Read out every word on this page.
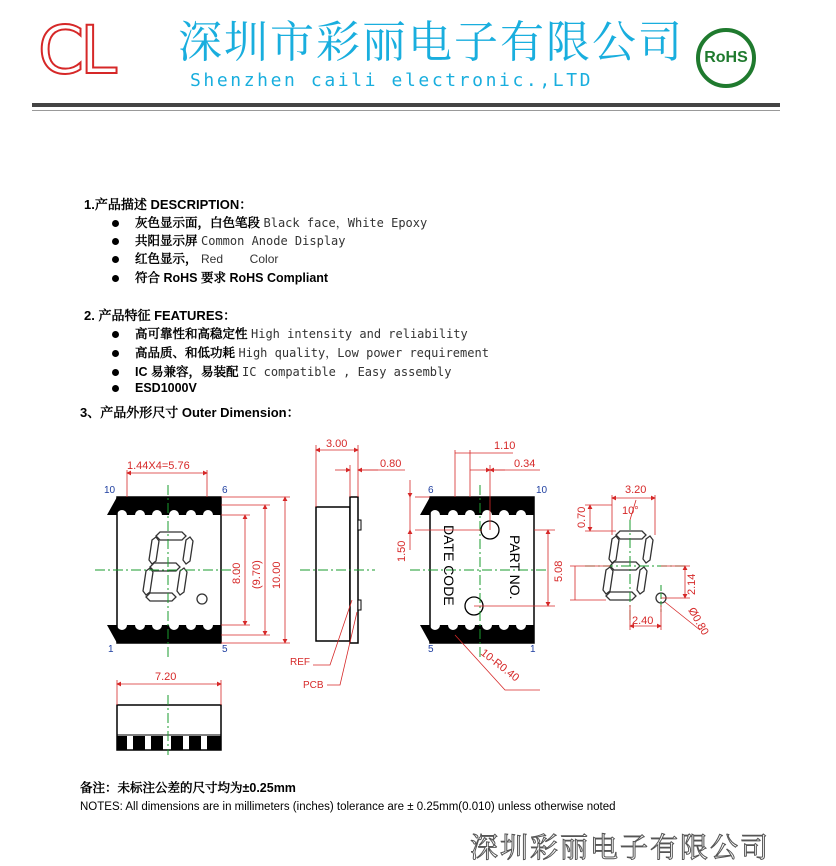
CL 深圳市彩丽电子有限公司
Shenzhen caili electronic.,LTD
RoHS
1.产品描述 DESCRIPTION：
灰色显示面，白色笔段 Black face，White Epoxy
共阳显示屏 Common Anode Display
红色显示， Red        Color
符合 RoHS 要求 RoHS Compliant
2. 产品特征 FEATURES：
高可靠性和高稳定性 High intensity and reliability
高品质、和低功耗 High quality，Low power requirement
IC 易兼容，易装配 IC compatible , Easy assembly
ESD1000V
3、产品外形尺寸 Outer Dimension：
1.44X4=5.76
8.00 (9.70) 10.00
10	6
1	5
7.20
3.00
0.80
REF
PCB
DATE CODE	PART NO.
1.10
0.34
1.50
5.08
10-R0.40
6	10
5	1
3.20
0.70	10°
2.14
2.40	Ø0.80
备注：未标注公差的尺寸均为±0.25mm
NOTES: All dimensions are in millimeters (inches) tolerance are ± 0.25mm(0.010) unless otherwise noted
深圳彩丽电子有限公司
